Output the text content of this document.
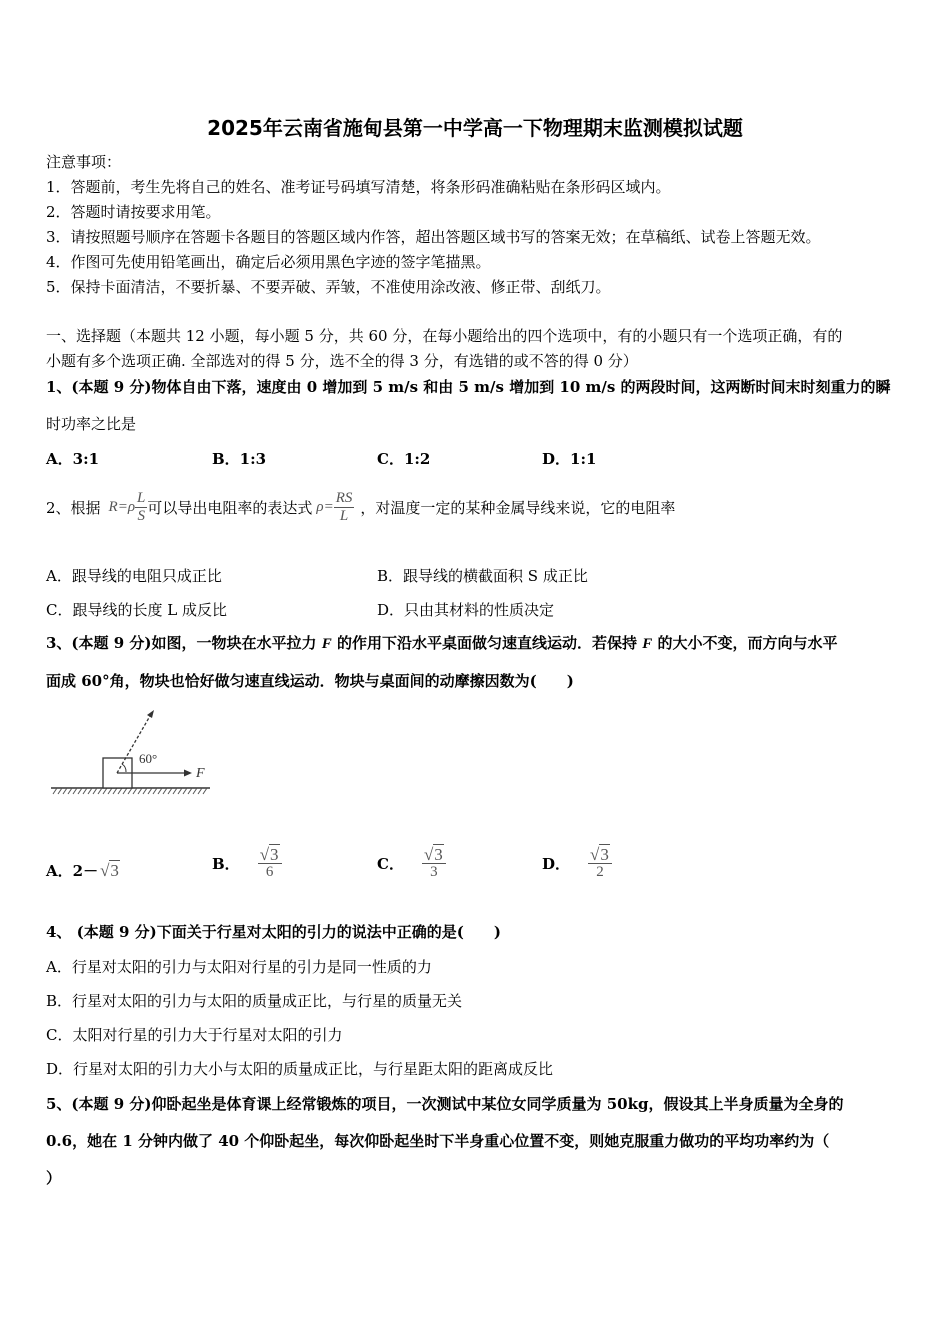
2025年云南省施甸县第一中学高一下物理期末监测模拟试题
注意事项：
1．答题前，考生先将自己的姓名、准考证号码填写清楚，将条形码准确粘贴在条形码区域内。
2．答题时请按要求用笔。
3．请按照题号顺序在答题卡各题目的答题区域内作答，超出答题区域书写的答案无效；在草稿纸、试卷上答题无效。
4．作图可先使用铅笔画出，确定后必须用黑色字迹的签字笔描黑。
5．保持卡面清洁，不要折暴、不要弄破、弄皱，不准使用涂改液、修正带、刮纸刀。
一、选择题（本题共 12 小题，每小题 5 分，共 60 分，在每小题给出的四个选项中，有的小题只有一个选项正确，有的
小题有多个选项正确. 全部选对的得 5 分，选不全的得 3 分，有选错的或不答的得 0 分）
1、(本题 9 分)物体自由下落，速度由 0 增加到 5 m/s 和由 5 m/s 增加到 10 m/s 的两段时间，这两断时间末时刻重力的瞬
时功率之比是
A．3:1	B．1:3	C．1:2	D．1:1
2、根据 $R=\rho \frac{L}{S}$ 可以导出电阻率的表达式 $\rho= \frac{RS}{L}$ ，对温度一定的某种金属导线来说，它的电阻率
A．跟导线的电阻只成正比	B．跟导线的横截面积 S 成正比
C．跟导线的长度 L 成反比	D．只由其材料的性质决定
3、(本题 9 分)如图，一物块在水平拉力 F 的作用下沿水平桌面做匀速直线运动．若保持 F 的大小不变，而方向与水平
面成 60°角，物块也恰好做匀速直线运动．物块与桌面间的动摩擦因数为(　　)
60°
F
A．2－ √3	B． $\frac{√3}{6}$	C． $\frac{√3}{3}$	D． $\frac{√3}{2}$
4、 (本题 9 分)下面关于行星对太阳的引力的说法中正确的是(　　)
A．行星对太阳的引力与太阳对行星的引力是同一性质的力
B．行星对太阳的引力与太阳的质量成正比，与行星的质量无关
C．太阳对行星的引力大于行星对太阳的引力
D．行星对太阳的引力大小与太阳的质量成正比，与行星距太阳的距离成反比
5、(本题 9 分)仰卧起坐是体育课上经常锻炼的项目，一次测试中某位女同学质量为 50kg，假设其上半身质量为全身的
0.6，她在 1 分钟内做了 40 个仰卧起坐，每次仰卧起坐时下半身重心位置不变，则她克服重力做功的平均功率约为（
）
